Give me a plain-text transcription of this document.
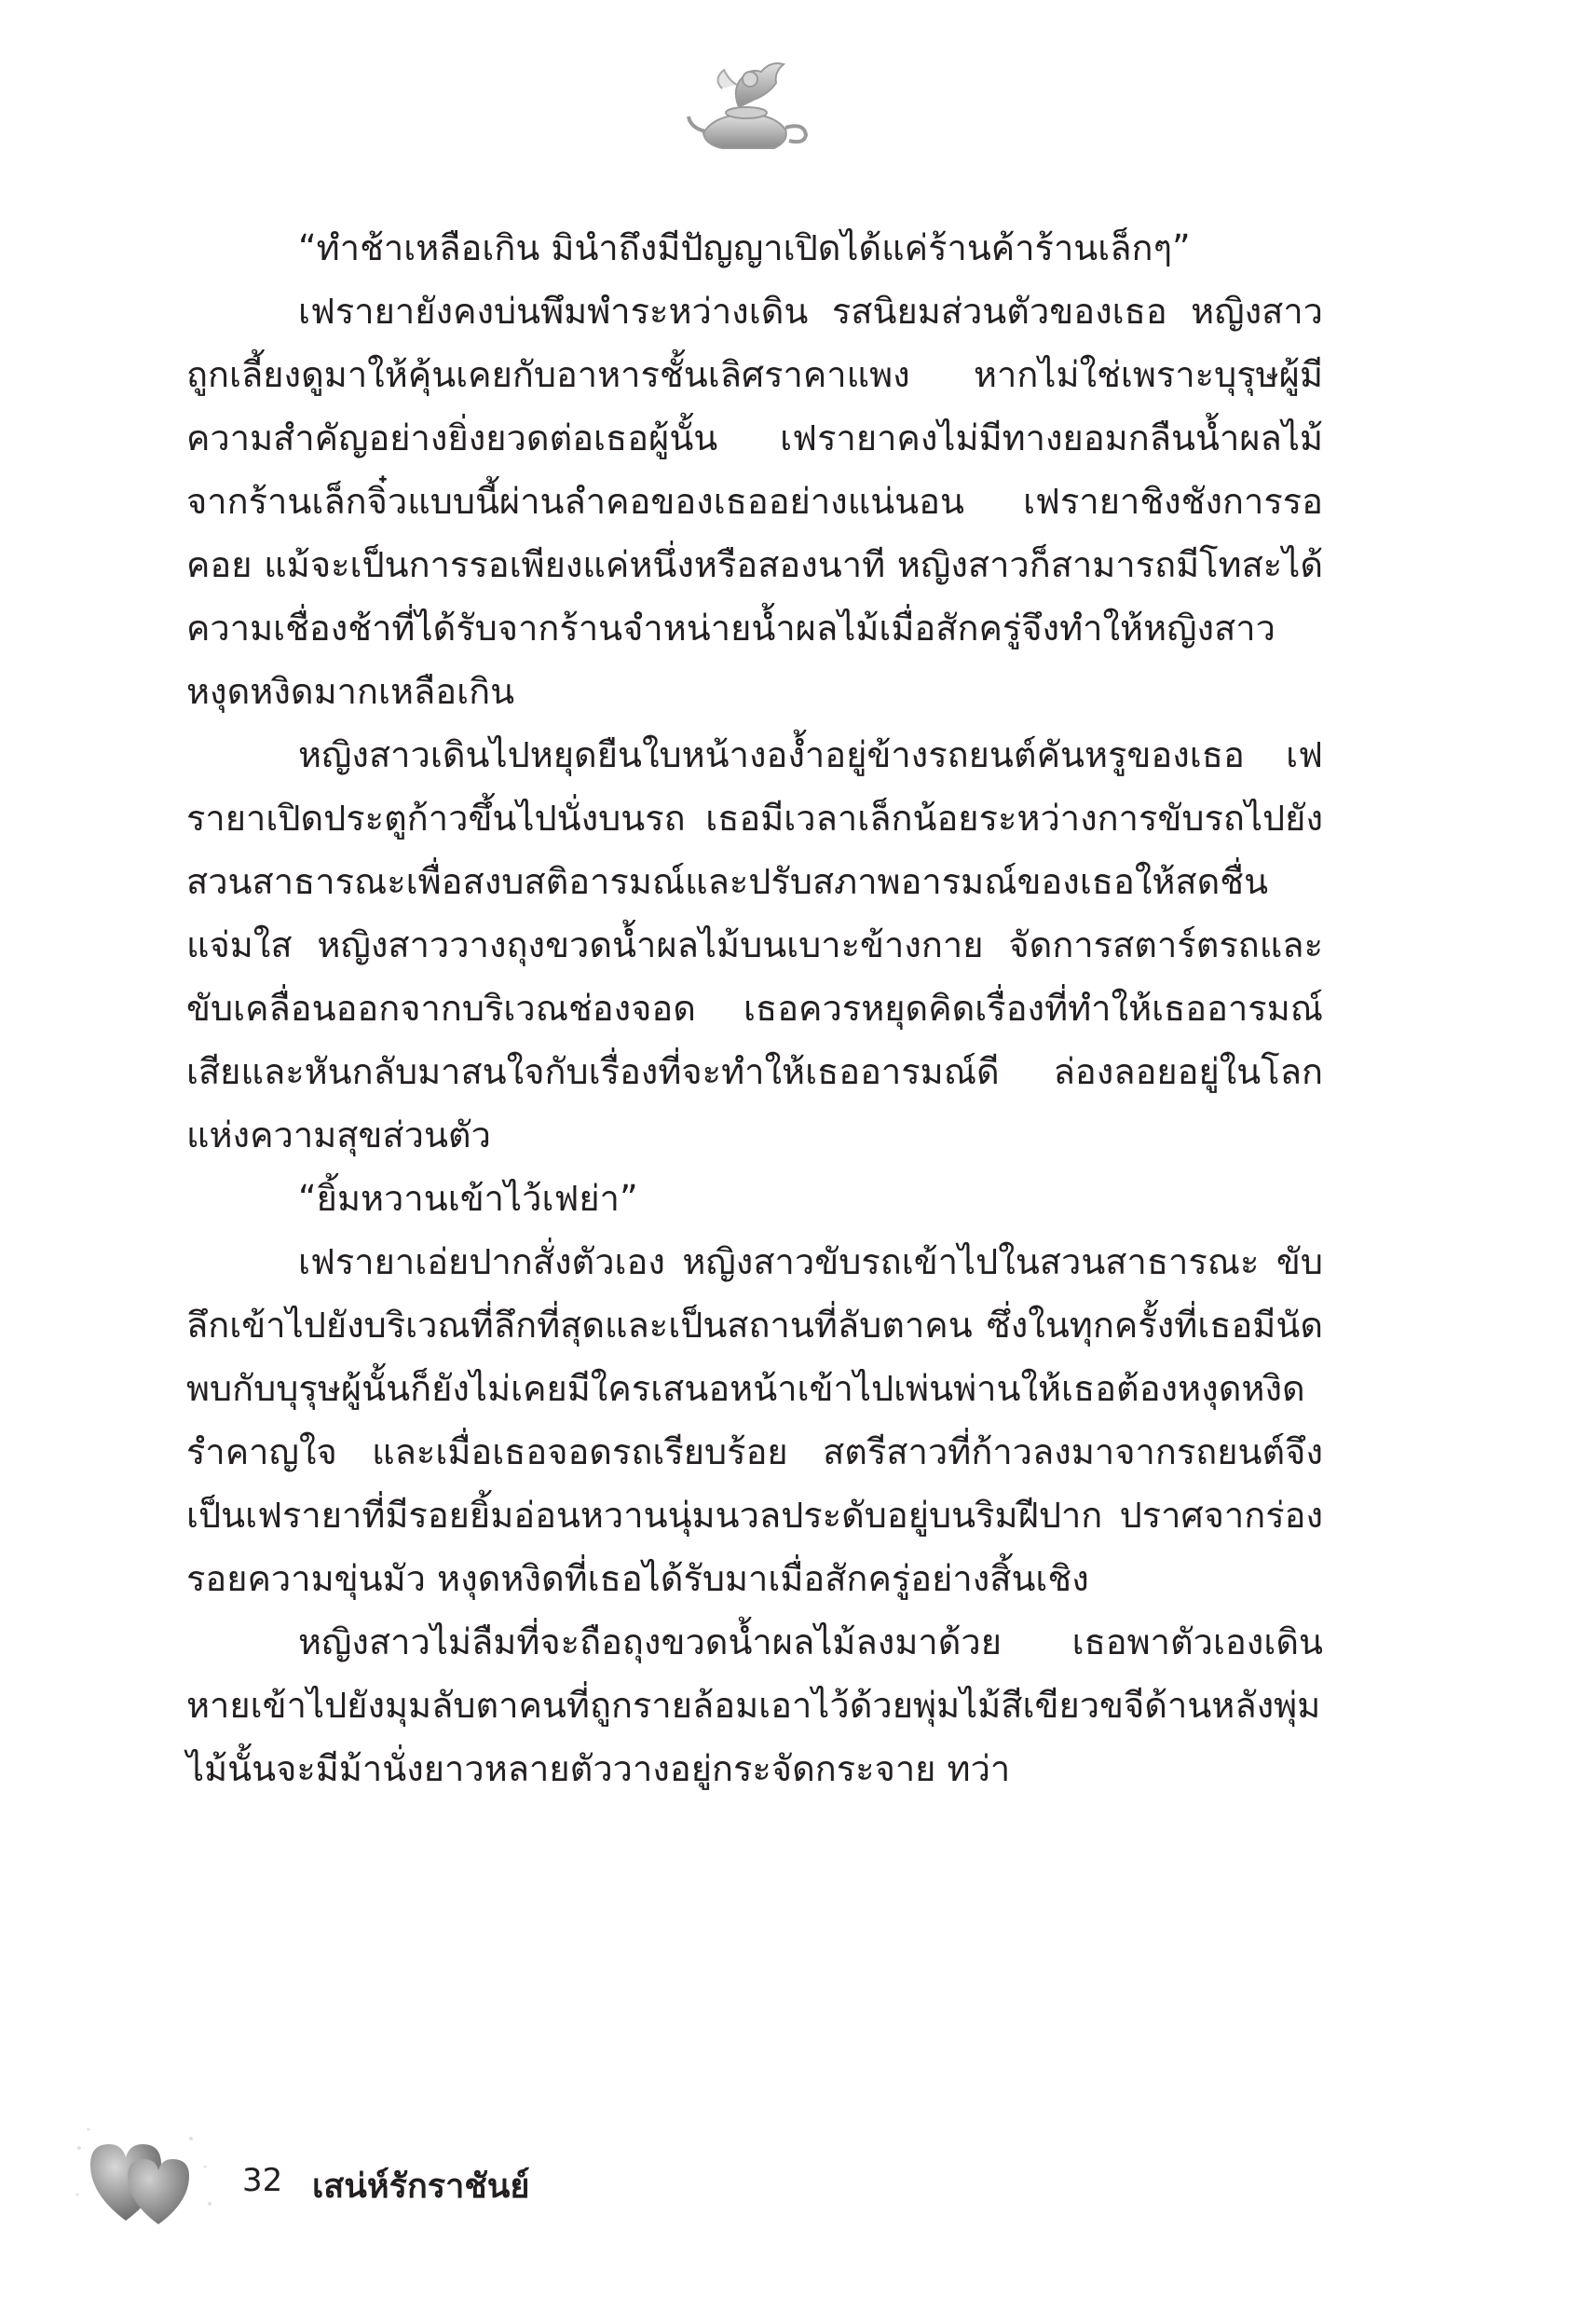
“ทำช้าเหลือเกิน มินำถึงมีปัญญาเปิดได้แค่ร้านค้าร้านเล็กๆ”

เฟรายายังคงบ่นพึมพำระหว่างเดิน รสนิยมส่วนตัวของเธอ หญิงสาวถูกเลี้ยงดูมาให้คุ้นเคยกับอาหารชั้นเลิศราคาแพง หากไม่ใช่เพราะบุรุษผู้มีความสำคัญอย่างยิ่งยวดต่อเธอผู้นั้น เฟรายาคงไม่มีทางยอมกลืนน้ำผลไม้จากร้านเล็กจิ๋วแบบนี้ผ่านลำคอของเธออย่างแน่นอน เฟรายาชิงชังการรอคอย แม้จะเป็นการรอเพียงแค่หนึ่งหรือสองนาที หญิงสาวก็สามารถมีโทสะได้ ความเชื่องช้าที่ได้รับจากร้านจำหน่ายน้ำผลไม้เมื่อสักครู่จึงทำให้หญิงสาวหงุดหงิดมากเหลือเกิน

หญิงสาวเดินไปหยุดยืนใบหน้างอง้ำอยู่ข้างรถยนต์คันหรูของเธอ เฟรายาเปิดประตูก้าวขึ้นไปนั่งบนรถ เธอมีเวลาเล็กน้อยระหว่างการขับรถไปยังสวนสาธารณะเพื่อสงบสติอารมณ์และปรับสภาพอารมณ์ของเธอให้สดชื่นแจ่มใส หญิงสาววางถุงขวดน้ำผลไม้บนเบาะข้างกาย จัดการสตาร์ตรถและขับเคลื่อนออกจากบริเวณช่องจอด เธอควรหยุดคิดเรื่องที่ทำให้เธออารมณ์เสียและหันกลับมาสนใจกับเรื่องที่จะทำให้เธออารมณ์ดี ล่องลอยอยู่ในโลกแห่งความสุขส่วนตัว

“ยิ้มหวานเข้าไว้เฟย่า”

เฟรายาเอ่ยปากสั่งตัวเอง หญิงสาวขับรถเข้าไปในสวนสาธารณะ ขับลึกเข้าไปยังบริเวณที่ลึกที่สุดและเป็นสถานที่ลับตาคน ซึ่งในทุกครั้งที่เธอมีนัดพบกับบุรุษผู้นั้นก็ยังไม่เคยมีใครเสนอหน้าเข้าไปเพ่นพ่านให้เธอต้องหงุดหงิดรำคาญใจ และเมื่อเธอจอดรถเรียบร้อย สตรีสาวที่ก้าวลงมาจากรถยนต์จึงเป็นเฟรายาที่มีรอยยิ้มอ่อนหวานนุ่มนวลประดับอยู่บนริมฝีปาก ปราศจากร่องรอยความขุ่นมัว หงุดหงิดที่เธอได้รับมาเมื่อสักครู่อย่างสิ้นเชิง

หญิงสาวไม่ลืมที่จะถือถุงขวดน้ำผลไม้ลงมาด้วย เธอพาตัวเองเดินหายเข้าไปยังมุมลับตาคนที่ถูกรายล้อมเอาไว้ด้วยพุ่มไม้สีเขียวขจีด้านหลังพุ่มไม้นั้นจะมีม้านั่งยาวหลายตัววางอยู่กระจัดกระจาย ทว่า

32 เสน่ห์รักราชันย์
